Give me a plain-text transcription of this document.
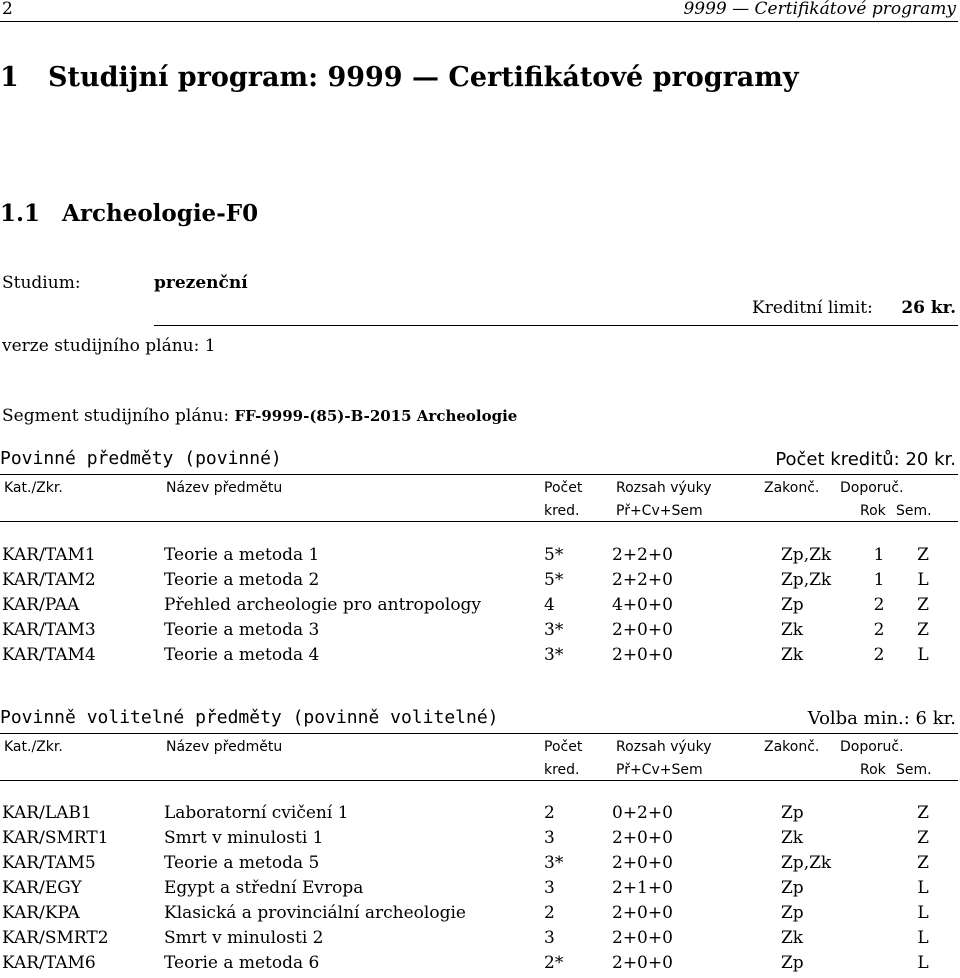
2	9999 — Certifikátové programy
1 Studijní program: 9999 — Certifikátové programy
1.1 Archeologie-F0
Studium:	prezenční
Kreditní limit: 26 kr.
verze studijního plánu: 1
Segment studijního plánu: FF-9999-(85)-B-2015 Archeologie
Povinné předměty (povinné)	Počet kreditů: 20 kr.
Kat./Zkr.	Název předmětu	Počet Rozsah výuky	Zakonč. Doporuč.
kred.	Př+Cv+Sem	Rok Sem.
KAR/TAM1	Teorie a metoda 1	5*	2+2+0	Zp,Zk 1 Z
KAR/TAM2	Teorie a metoda 2	5*	2+2+0	Zp,Zk 1 L
KAR/PAA	Přehled archeologie pro antropology	4	4+0+0	Zp	2 Z
KAR/TAM3	Teorie a metoda 3	3*	2+0+0	Zk	2 Z
KAR/TAM4	Teorie a metoda 4	3*	2+0+0	Zk	2 L
Povinně volitelné předměty (povinně volitelné)	Volba min.: 6 kr.
Kat./Zkr.	Název předmětu	Počet Rozsah výuky	Zakonč. Doporuč.
kred.	Př+Cv+Sem	Rok Sem.
KAR/LAB1	Laboratorní cvičení 1	2	0+2+0	Zp	Z
KAR/SMRT1	Smrt v minulosti 1	3	2+0+0	Zk	Z
KAR/TAM5	Teorie a metoda 5	3*	2+0+0	Zp,Zk	Z
KAR/EGY	Egypt a střední Evropa	3	2+1+0	Zp	L
KAR/KPA	Klasická a provinciální archeologie	2	2+0+0	Zp	L
KAR/SMRT2	Smrt v minulosti 2	3	2+0+0	Zk	L
KAR/TAM6	Teorie a metoda 6	2*	2+0+0	Zp	L
